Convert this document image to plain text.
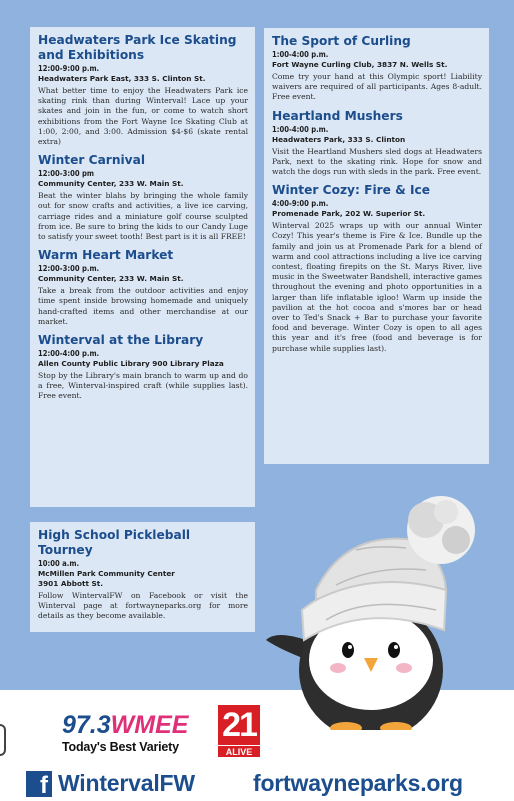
Headwaters Park Ice Skating and Exhibitions
12:00-9:00 p.m.
Headwaters Park East, 333 S. Clinton St.

What better time to enjoy the Headwaters Park ice skating rink than during Winterval! Lace up your skates and join in the fun, or come to watch short exhibitions from the Fort Wayne Ice Skating Club at 1:00, 2:00, and 3:00. Admission $4-$6 (skate rental extra)

Winter Carnival
12:00-3:00 pm
Community Center, 233 W. Main St.

Beat the winter blahs by bringing the whole family out for snow crafts and activities, a live ice carving, carriage rides and a miniature golf course sculpted from ice. Be sure to bring the kids to our Candy Luge to satisfy your sweet tooth! Best part is it is all FREE!

Warm Heart Market
12:00-3:00 p.m.
Community Center, 233 W. Main St.

Take a break from the outdoor activities and enjoy time spent inside browsing homemade and uniquely hand-crafted items and other merchandise at our market.

Winterval at the Library
12:00-4:00 p.m.
Allen County Public Library 900 Library Plaza

Stop by the Library's main branch to warm up and do a free, Winterval-inspired craft (while supplies last). Free event.

The Sport of Curling
1:00-4:00 p.m.
Fort Wayne Curling Club, 3837 N. Wells St.

Come try your hand at this Olympic sport! Liability waivers are required of all participants. Ages 8-adult. Free event.

Heartland Mushers
1:00-4:00 p.m.
Headwaters Park, 333 S. Clinton

Visit the Heartland Mushers sled dogs at Headwaters Park, next to the skating rink. Hope for snow and watch the dogs run with sleds in the park. Free event.

Winter Cozy: Fire & Ice
4:00-9:00 p.m.
Promenade Park, 202 W. Superior St.

Winterval 2025 wraps up with our annual Winter Cozy! This year's theme is Fire & Ice. Bundle up the family and join us at Promenade Park for a blend of warm and cool attractions including a live ice carving contest, floating firepits on the St. Marys River, live music in the Sweetwater Bandshell, interactive games throughout the evening and photo opportunities in a larger than life inflatable igloo! Warm up inside the pavilion at the hot cocoa and s'mores bar or head over to Ted's Snack + Bar to purchase your favorite food and beverage. Winter Cozy is open to all ages this year and it's free (food and beverage is for purchase while supplies last).

High School Pickleball Tourney
10:00 a.m.
McMillen Park Community Center
3901 Abbott St.

Follow WintervalFW on Facebook or visit the Winterval page at fortwayneparks.org for more details as they become available.

97.3WMEE
Today's Best Variety
21
ALIVE
f WintervalFW	fortwayneparks.org
